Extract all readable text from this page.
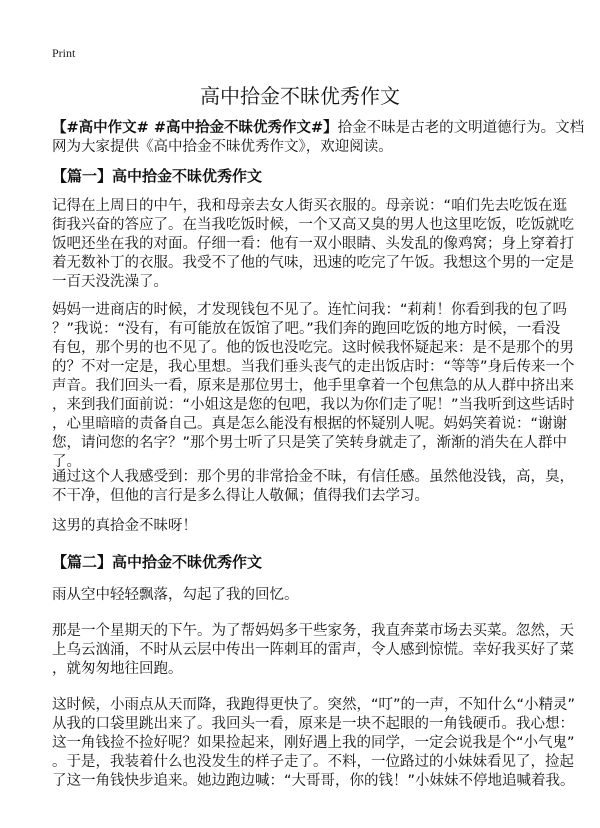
Print
高中拾金不昧优秀作文
【#高中作文# #高中拾金不昧优秀作文#】拾金不昧是古老的文明道德行为。文档
网为大家提供《高中拾金不昧优秀作文》，欢迎阅读。
【篇一】高中拾金不昧优秀作文
记得在上周日的中午，我和母亲去女人街买衣服的。母亲说：“咱们先去吃饭在逛
街我兴奋的答应了。在当我吃饭时候，一个又高又臭的男人也这里吃饭，吃饭就吃
饭吧还坐在我的对面。仔细一看：他有一双小眼睛、头发乱的像鸡窝；身上穿着打
着无数补丁的衣服。我受不了他的气味，迅速的吃完了午饭。我想这个男的一定是
一百天没洗澡了。
妈妈一进商店的时候，才发现钱包不见了。连忙问我：“莉莉！你看到我的包了吗
？”我说：“没有，有可能放在饭馆了吧。”我们奔的跑回吃饭的地方时候，一看没
有包，那个男的也不见了。他的饭也没吃完。这时候我怀疑起来：是不是那个的男
的？不对一定是，我心里想。当我们垂头丧气的走出饭店时：“等等”身后传来一个
声音。我们回头一看，原来是那位男士，他手里拿着一个包焦急的从人群中挤出来
，来到我们面前说：“小姐这是您的包吧，我以为你们走了呢！”当我听到这些话时
，心里暗暗的责备自己。真是怎么能没有根据的怀疑别人呢。妈妈笑着说：“谢谢
您，请问您的名字？”那个男士听了只是笑了笑转身就走了，渐渐的消失在人群中
了。
通过这个人我感受到：那个男的非常拾金不昧，有信任感。虽然他没钱，高，臭，
不干净，但他的言行是多么得让人敬佩；值得我们去学习。
这男的真拾金不昧呀！
【篇二】高中拾金不昧优秀作文
雨从空中轻轻飘落，勾起了我的回忆。
那是一个星期天的下午。为了帮妈妈多干些家务，我直奔菜市场去买菜。忽然，天
上乌云汹涌，不时从云层中传出一阵刺耳的雷声，令人感到惊慌。幸好我买好了菜
，就匆匆地往回跑。
这时候，小雨点从天而降，我跑得更快了。突然，“叮”的一声，不知什么“小精灵”
从我的口袋里跳出来了。我回头一看，原来是一块不起眼的一角钱硬币。我心想：
这一角钱捡不捡好呢？如果捡起来，刚好遇上我的同学，一定会说我是个“小气鬼”
。于是，我装着什么也没发生的样子走了。不料，一位路过的小妹妹看见了，捡起
了这一角钱快步追来。她边跑边喊：“大哥哥，你的钱！”小妹妹不停地追喊着我。
